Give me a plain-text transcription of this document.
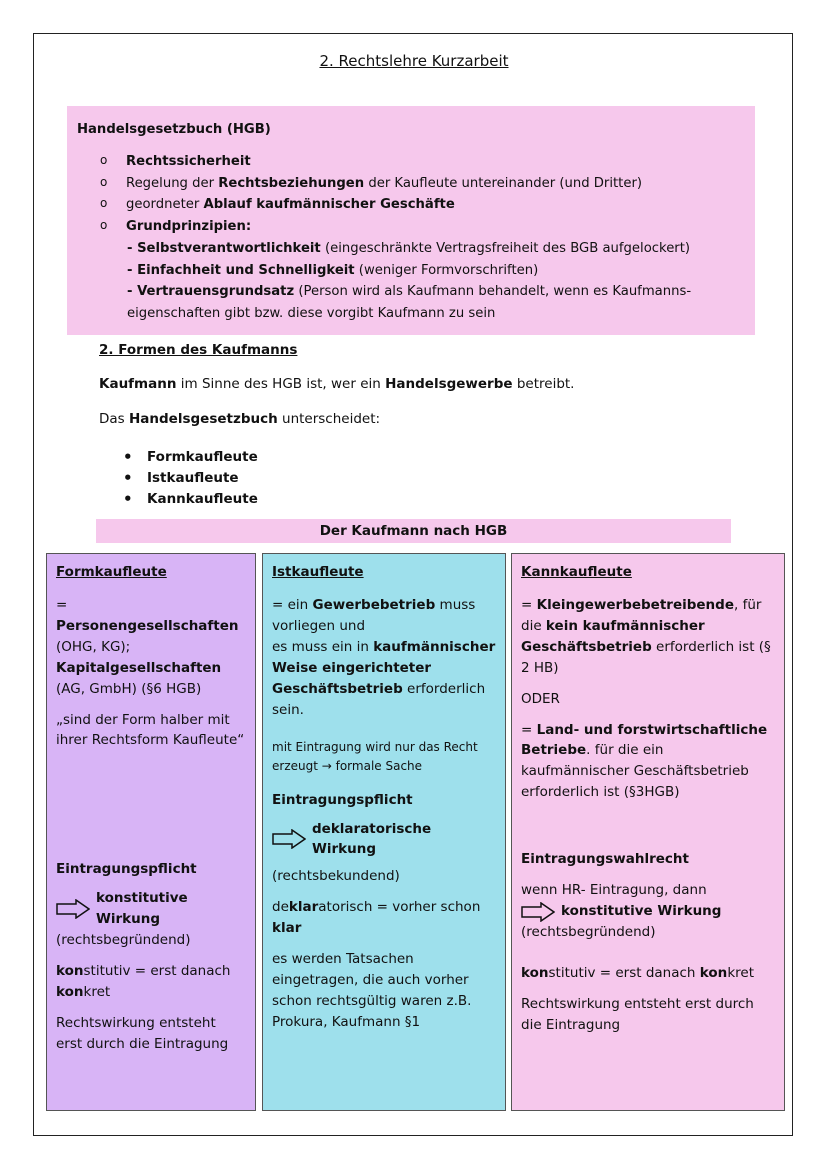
2. Rechtslehre Kurzarbeit
Handelsgesetzbuch (HGB)
o Rechtssicherheit
o Regelung der Rechtsbeziehungen der Kaufleute untereinander (und Dritter)
o geordneter Ablauf kaufmännischer Geschäfte
o Grundprinzipien:
- Selbstverantwortlichkeit (eingeschränkte Vertragsfreiheit des BGB aufgelockert)
- Einfachheit und Schnelligkeit (weniger Formvorschriften)
- Vertrauensgrundsatz (Person wird als Kaufmann behandelt, wenn es Kaufmanns-
eigenschaften gibt bzw. diese vorgibt Kaufmann zu sein
2. Formen des Kaufmanns

Kaufmann im Sinne des HGB ist, wer ein Handelsgewerbe betreibt.

Das Handelsgesetzbuch unterscheidet:

• Formkaufleute
• Istkaufleute
• Kannkaufleute
Der Kaufmann nach HGB
Formkaufleute

= Personengesellschaften (OHG, KG);
Kapitalgesellschaften (AG, GmbH) (§6 HGB)

„sind der Form halber mit ihrer Rechtsform Kaufleute“

Eintragungspflicht

konstitutive Wirkung

(rechtsbegründend)

konstitutiv = erst danach konkret

Rechtswirkung entsteht erst durch die Eintragung

Istkaufleute

= ein Gewerbebetrieb muss vorliegen und
es muss ein in kaufmännischer Weise eingerichteter Geschäftsbetrieb erforderlich sein.

mit Eintragung wird nur das Recht erzeugt → formale Sache

Eintragungspflicht

deklaratorische Wirkung

(rechtsbekundend)

deklaratorisch = vorher schon klar

es werden Tatsachen eingetragen, die auch vorher schon rechtsgültig waren z.B. Prokura, Kaufmann §1

Kannkaufleute

= Kleingewerbebetreibende, für die kein kaufmännischer Geschäftsbetrieb erforderlich ist (§ 2 HB)

ODER

= Land- und forstwirtschaftliche Betriebe. für die ein kaufmännischer Geschäftsbetrieb erforderlich ist (§3HGB)

Eintragungswahlrecht

wenn HR- Eintragung, dann

konstitutive Wirkung

(rechtsbegründend)

konstitutiv = erst danach konkret

Rechtswirkung entsteht erst durch die Eintragung
